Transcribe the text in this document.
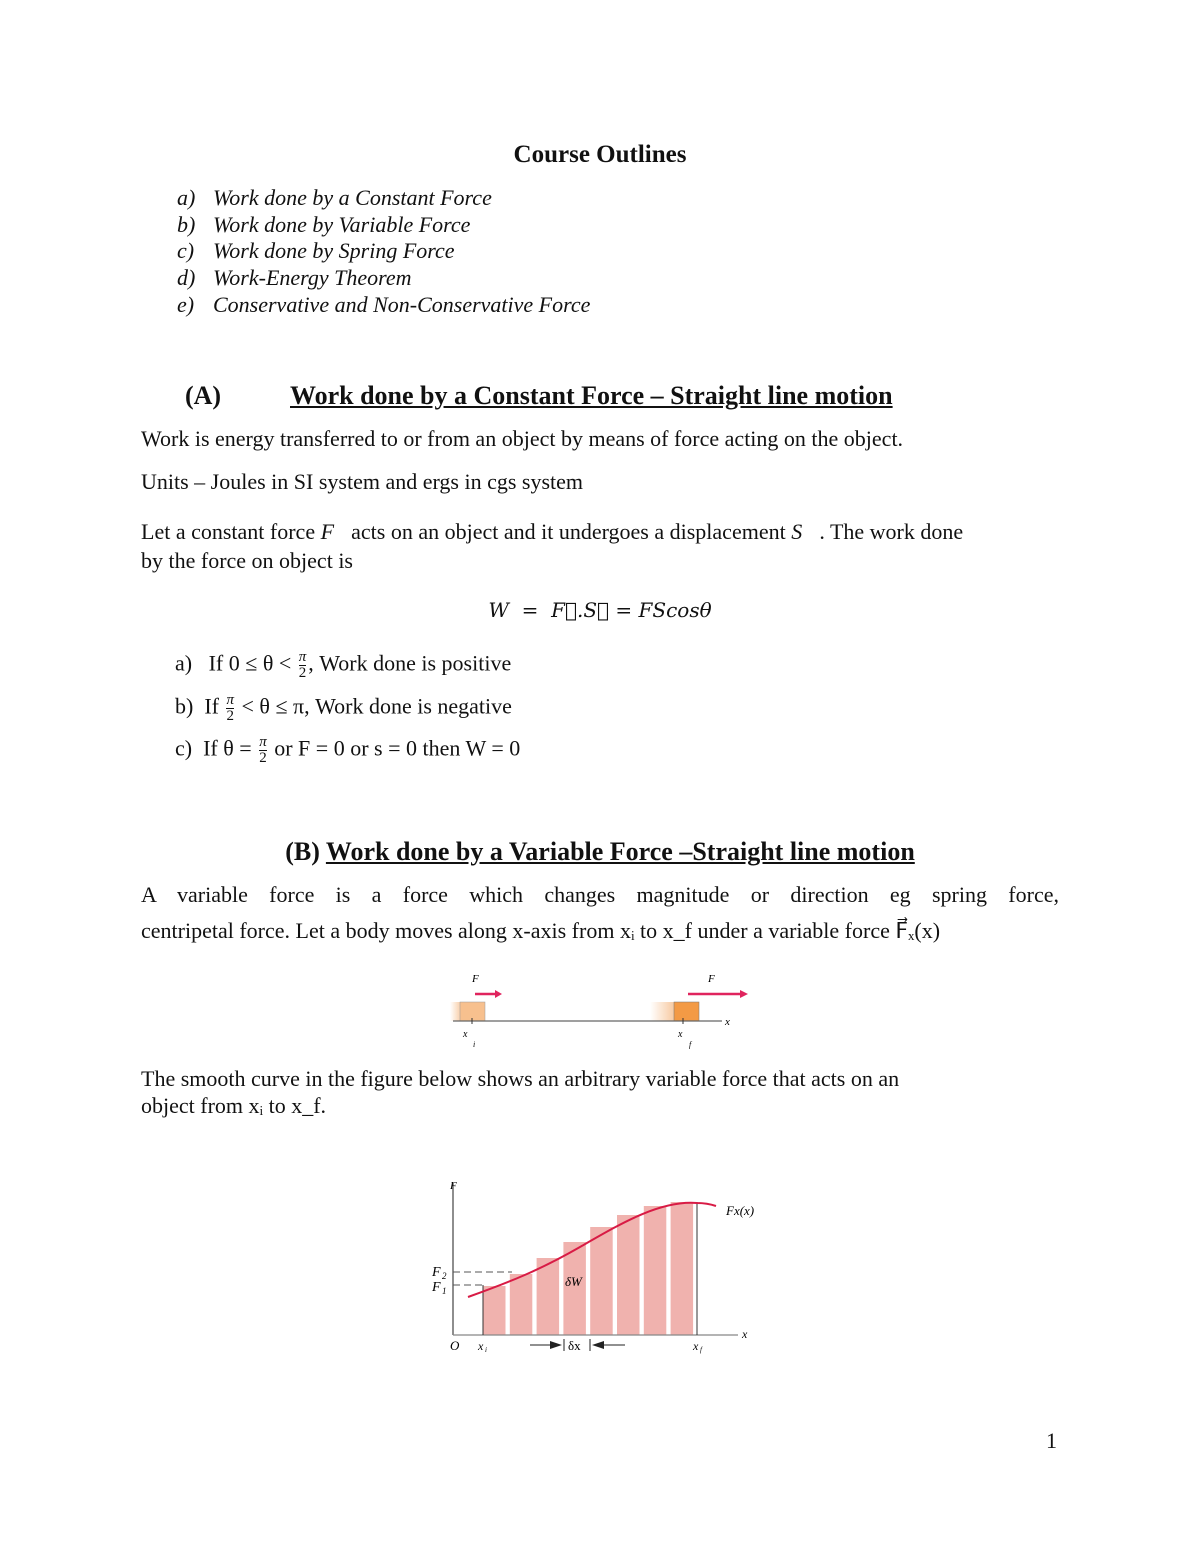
Course Outlines
a) Work done by a Constant Force
b) Work done by Variable Force
c) Work done by Spring Force
d) Work-Energy Theorem
e) Conservative and Non-Conservative Force
(A)	Work done by a Constant Force – Straight line motion
Work is energy transferred to or from an object by means of force acting on the object.
Units – Joules in SI system and ergs in cgs system
Let a constant force F⃗acts on an object and it undergoes a displacement S⃗. The work done
by the force on object is
W  =  F⃗.S⃗ = FScosθ
a) If $0 \le \theta < \frac{\pi}{2}$ , Work done is positive
b) If $\frac{\pi}{2} < \theta \le \pi$, Work done is negative
c) If $\theta = \frac{\pi}{2}$ or F = 0 or s = 0 then W = 0
(B) Work done by a Variable Force –Straight line motion
A variable force is a force which changes magnitude or direction eg spring force,
centripetal force. Let a body moves along x-axis from xᵢ to x_f under a variable force F⃗ₓ(x)
F	F
x
x
i
x
f
The smooth curve in the figure below shows an arbitrary variable force that acts on an
object from xᵢ to x_f.
F
x
O
F 2
F 1
Fx(x)
δW
x i	x f
δx
1
